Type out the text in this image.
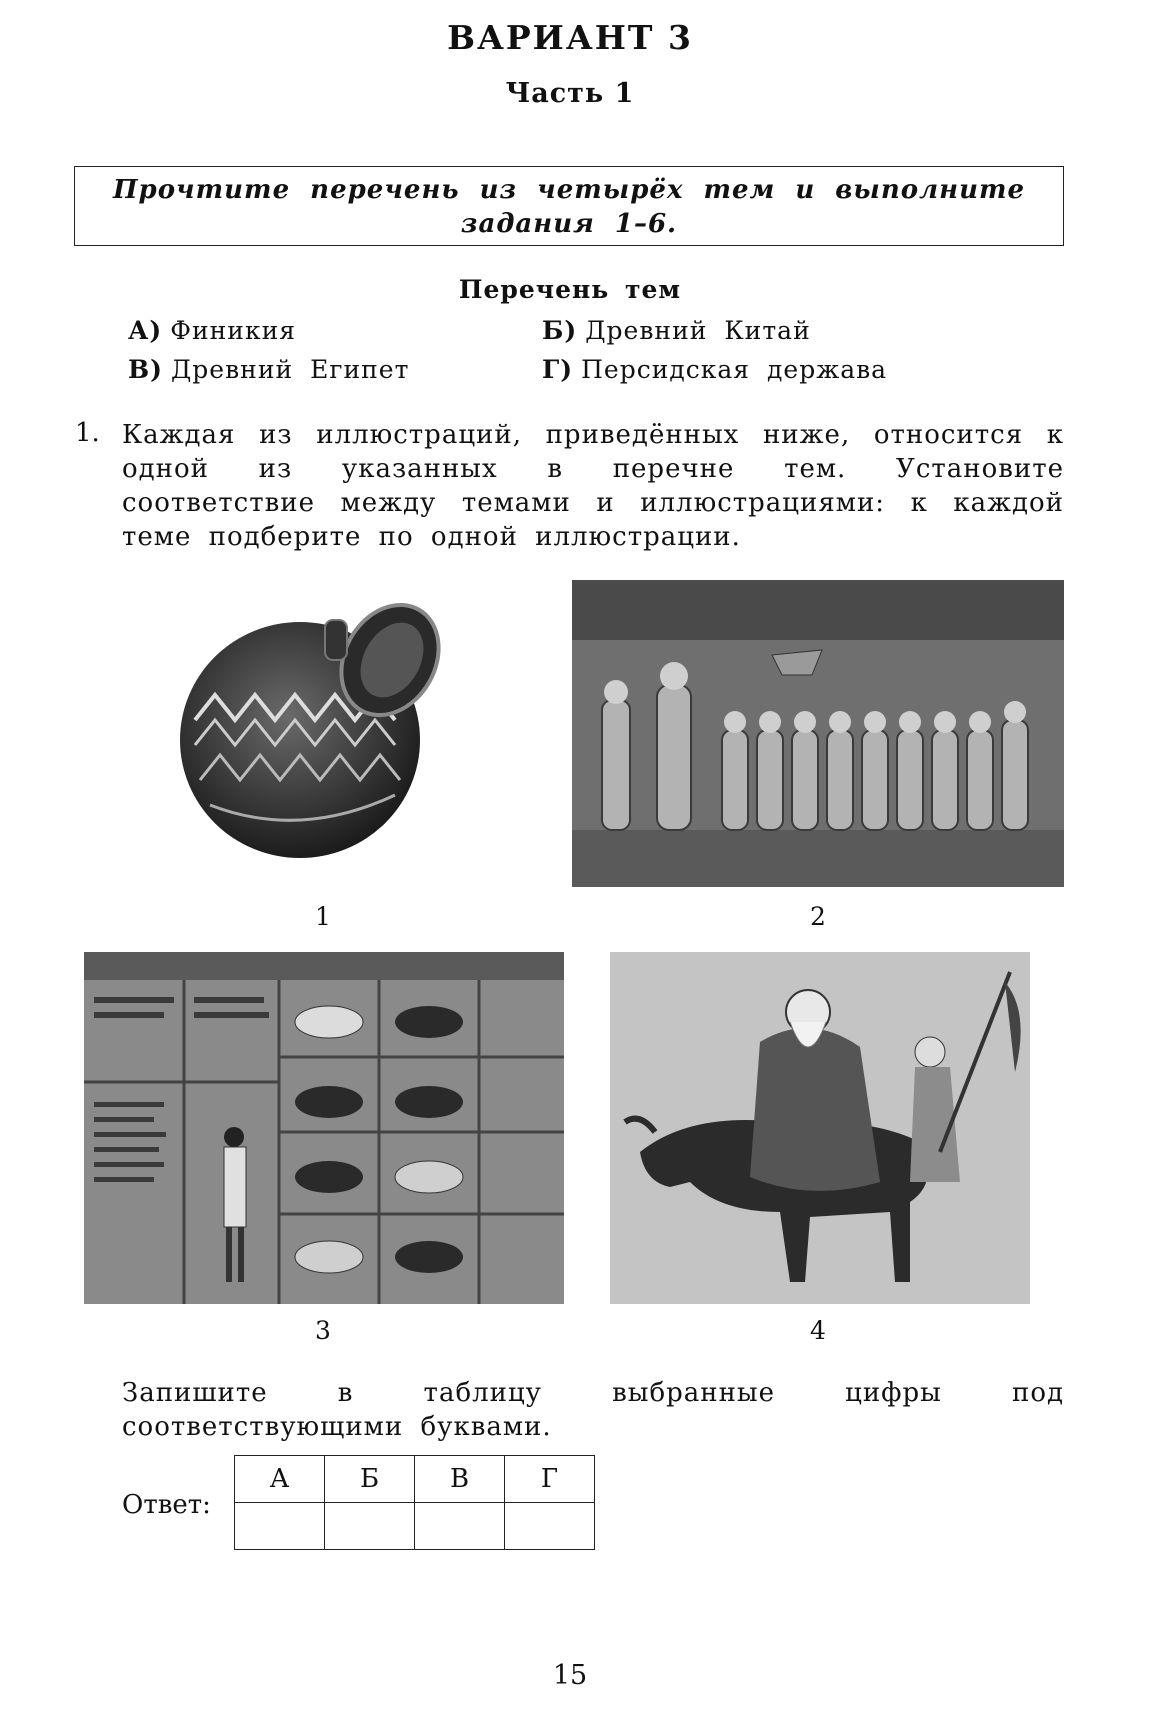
ВАРИАНТ 3
Часть 1
Прочтите перечень из четырёх тем и выполните
задания 1–6.
Перечень тем
А) Финикия	Б) Древний Китай
В) Древний Египет	Г) Персидская держава
1. Каждая из иллюстраций, приведённых ниже, относится к одной из указанных в перечне тем. Установите соответствие между темами и иллюстрациями: к каждой теме подберите по одной иллюстрации.
1	2
3	4
Запишите в таблицу выбранные цифры под соответствующими буквами.
Ответ:
А	Б	В	Г

15
